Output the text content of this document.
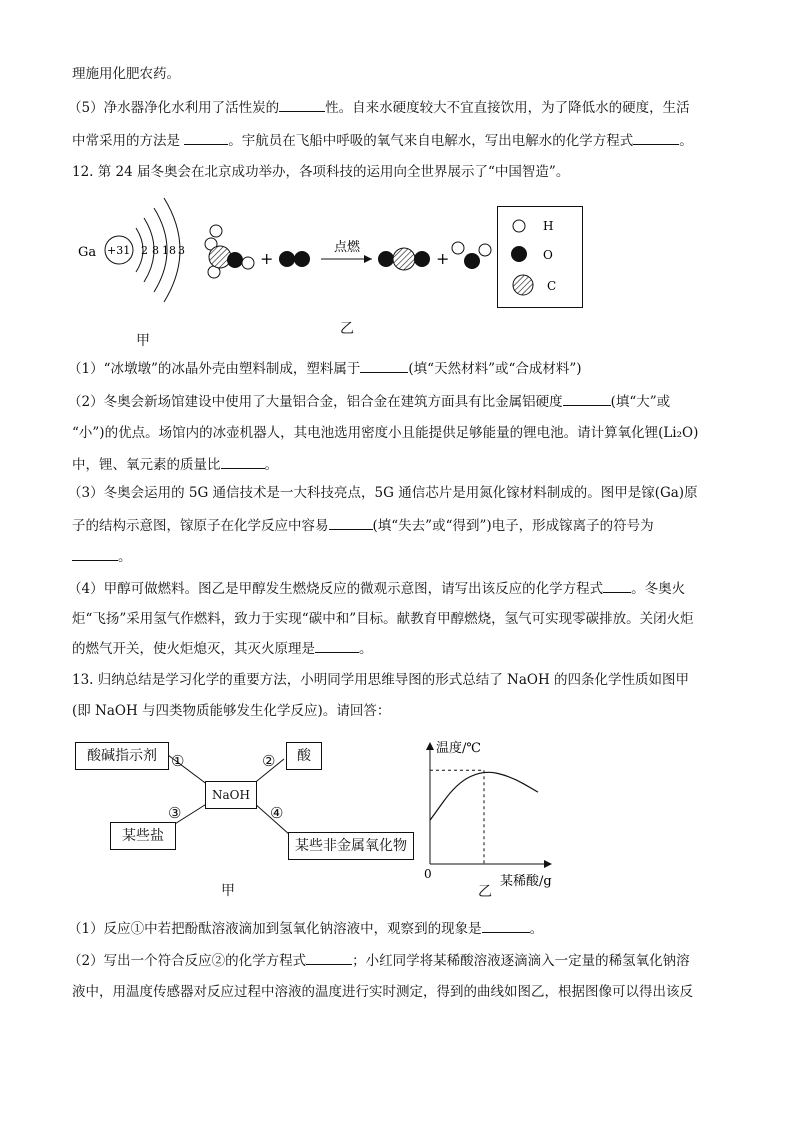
理施用化肥农药。
（5）净水器净化水利用了活性炭的	性。自来水硬度较大不宜直接饮用，为了降低水的硬度，生活
中常采用的方法是	。宇航员在飞船中呼吸的氧气来自电解水，写出电解水的化学方程式	。
12. 第 24 届冬奥会在北京成功举办，各项科技的运用向全世界展示了“中国智造”。
Ga +31 2 8 18 3
甲
+
点燃
+
乙
H
O
C
（1）“冰墩墩”的冰晶外壳由塑料制成，塑料属于	(填“天然材料”或“合成材料”)
（2）冬奥会新场馆建设中使用了大量铝合金，铝合金在建筑方面具有比金属铝硬度	(填“大”或
“小”)的优点。场馆内的冰壶机器人，其电池选用密度小且能提供足够能量的锂电池。请计算氧化锂(Li₂O)
中，锂、氧元素的质量比	。
（3）冬奥会运用的 5G 通信技术是一大科技亮点，5G 通信芯片是用氮化镓材料制成的。图甲是镓(Ga)原
子的结构示意图，镓原子在化学反应中容易	(填“失去”或“得到”)电子，形成镓离子的符号为
。
（4）甲醇可做燃料。图乙是甲醇发生燃烧反应的微观示意图，请写出该反应的化学方程式 。冬奥火
炬“飞扬”采用氢气作燃料，致力于实现“碳中和”目标。献教育甲醇燃烧，氢气可实现零碳排放。关闭火炬
的燃气开关，使火炬熄灭，其灭火原理是	。
13. 归纳总结是学习化学的重要方法，小明同学用思维导图的形式总结了 NaOH 的四条化学性质如图甲
(即 NaOH 与四类物质能够发生化学反应)。请回答：
酸碱指示剂	酸
NaOH
某些盐
某些非金属氧化物
①	②
③	④
甲
温度/℃
0	某稀酸/g
乙
（1）反应①中若把酚酞溶液滴加到氢氧化钠溶液中，观察到的现象是	。
（2）写出一个符合反应②的化学方程式	；小红同学将某稀酸溶液逐滴滴入一定量的稀氢氧化钠溶
液中，用温度传感器对反应过程中溶液的温度进行实时测定，得到的曲线如图乙，根据图像可以得出该反
